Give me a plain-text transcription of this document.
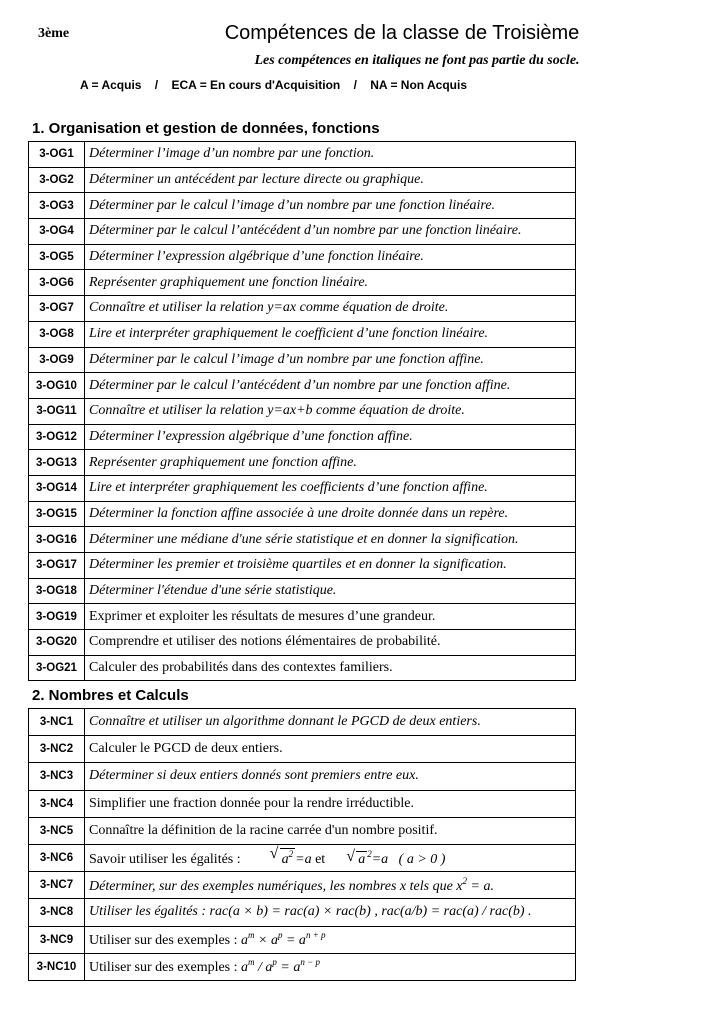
3ème	Compétences de la classe de Troisième
Les compétences en italiques ne font pas partie du socle.
A = Acquis    /    ECA = En cours d'Acquisition    /    NA = Non Acquis
1. Organisation et gestion de données, fonctions
3-OG1	Déterminer l’image d’un nombre par une fonction.
3-OG2	Déterminer un antécédent par lecture directe ou graphique.
3-OG3	Déterminer par le calcul l’image d’un nombre par une fonction linéaire.
3-OG4	Déterminer par le calcul l’antécédent d’un nombre par une fonction linéaire.
3-OG5	Déterminer l’expression algébrique d’une fonction linéaire.
3-OG6	Représenter graphiquement une fonction linéaire.
3-OG7	Connaître et utiliser la relation y=ax comme équation de droite.
3-OG8	Lire et interpréter graphiquement le coefficient d’une fonction linéaire.
3-OG9	Déterminer par le calcul l’image d’un nombre par une fonction affine.
3-OG10	Déterminer par le calcul l’antécédent d’un nombre par une fonction affine.
3-OG11	Connaître et utiliser la relation y=ax+b comme équation de droite.
3-OG12	Déterminer l’expression algébrique d’une fonction affine.
3-OG13	Représenter graphiquement une fonction affine.
3-OG14	Lire et interpréter graphiquement les coefficients d’une fonction affine.
3-OG15	Déterminer la fonction affine associée à une droite donnée dans un repère.
3-OG16	Déterminer une médiane d'une série statistique et en donner la signification.
3-OG17	Déterminer les premier et troisième quartiles et en donner la signification.
3-OG18	Déterminer l'étendue d'une série statistique.
3-OG19	Exprimer et exploiter les résultats de mesures d’une grandeur.
3-OG20	Comprendre et utiliser des notions élémentaires de probabilité.
3-OG21	Calculer des probabilités dans des contextes familiers.
2. Nombres et Calculs
3-NC1	Connaître et utiliser un algorithme donnant le PGCD de deux entiers.
3-NC2	Calculer le PGCD de deux entiers.
3-NC3	Déterminer si deux entiers donnés sont premiers entre eux.
3-NC4	Simplifier une fraction donnée pour la rendre irréductible.
3-NC5	Connaître la définition de la racine carrée d'un nombre positif.
3-NC6	Savoir utiliser les égalités : √ $a^2 =a$ et √ a $^2$=a ( a > 0 )
3-NC7	Déterminer, sur des exemples numériques, les nombres x tels que $x^2 = a$.
3-NC8	Utiliser les égalités : rac(a × b) = rac(a) × rac(b) , rac(a/b) = rac(a) / rac(b) .
3-NC9	Utiliser sur des exemples : $a^m \times a^p = a^{n + p}$
3-NC10	Utiliser sur des exemples : $a^m / a^p = a^{n - p}$
